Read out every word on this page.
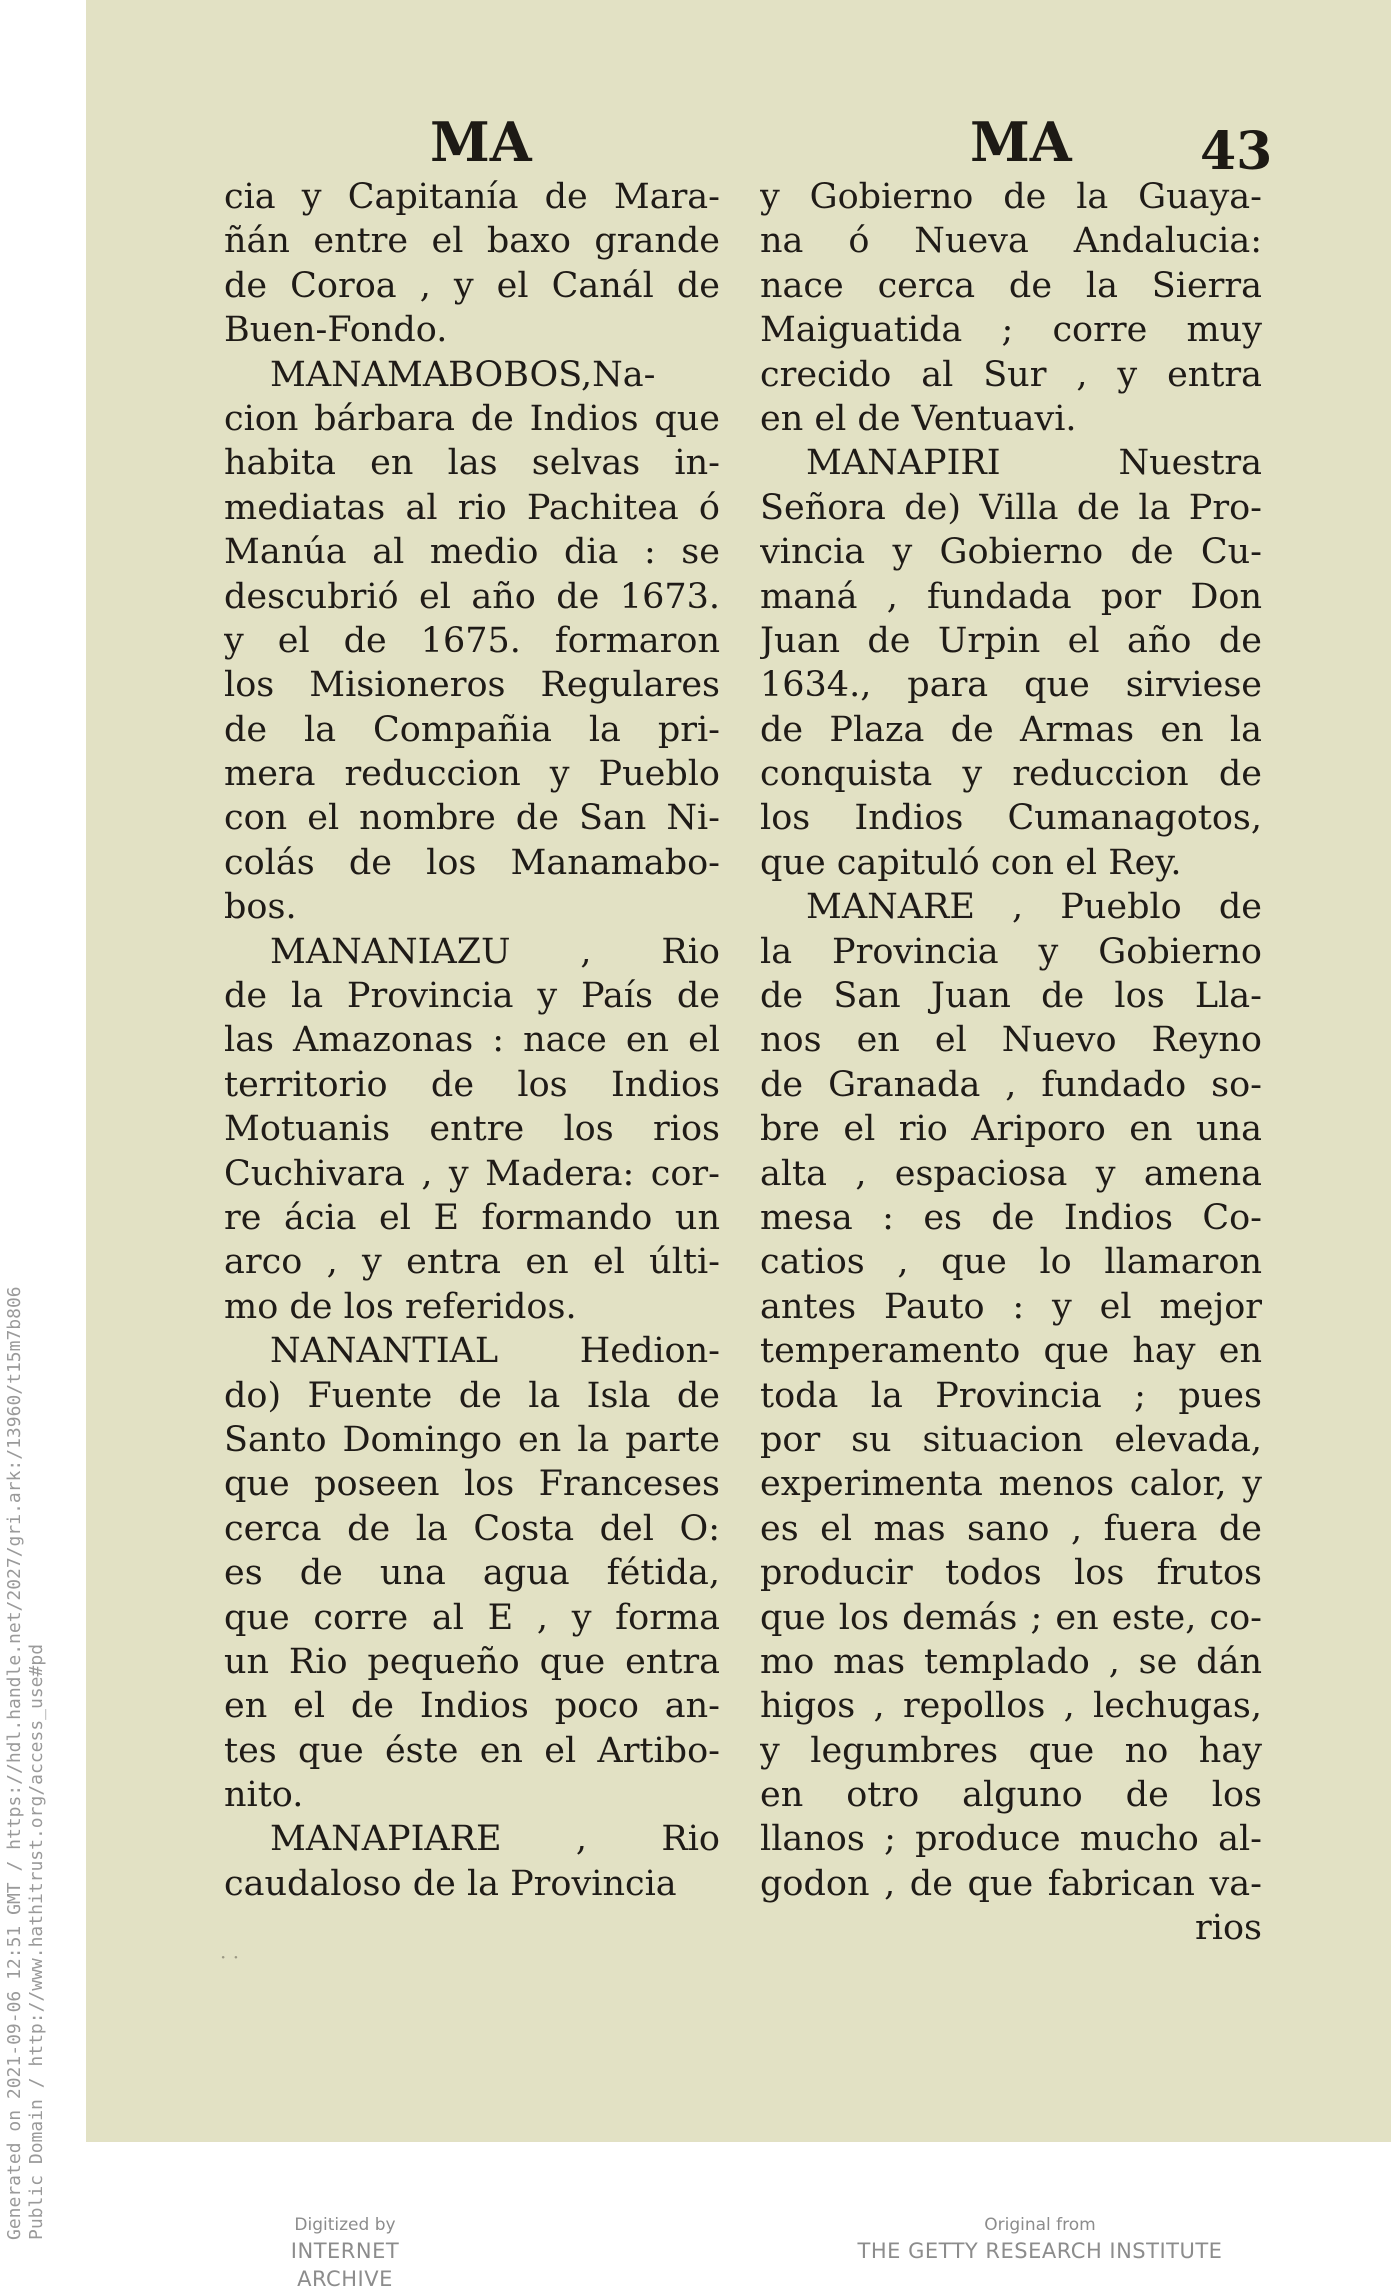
Generated on 2021-09-06 12:51 GMT / https://hdl.handle.net/2027/gri.ark:/13960/t15m7b806 Public Domain / http://www.hathitrust.org/access_use#pd
MA	MA 43
cia y Capitanía de Mara-
ñán entre el baxo grande
de Coroa , y el Canál de
Buen-Fondo.
MANAMABOBOS,Na-
cion bárbara de Indios que
habita en las selvas in-
mediatas al rio Pachitea ó
Manúa al medio dia : se
descubrió el año de 1673.
y el de 1675. formaron
los Misioneros Regulares
de la Compañia la pri-
mera reduccion y Pueblo
con el nombre de San Ni-
colás de los Manamabo-
bos.
MANANIAZU , Rio
de la Provincia y País de
las Amazonas : nace en el
territorio de los Indios
Motuanis entre los rios
Cuchivara , y Madera: cor-
re ácia el E formando un
arco , y entra en el últi-
mo de los referidos.
NANANTIAL Hedion-
do) Fuente de la Isla de
Santo Domingo en la parte
que poseen los Franceses
cerca de la Costa del O:
es de una agua fétida,
que corre al E , y forma
un Rio pequeño que entra
en el de Indios poco an-
tes que éste en el Artibo-
nito.
MANAPIARE , Rio
caudaloso de la Provincia
y Gobierno de la Guaya-
na ó Nueva Andalucia:
nace cerca de la Sierra
Maiguatida ; corre muy
crecido al Sur , y entra
en el de Ventuavi.
MANAPIRI Nuestra
Señora de) Villa de la Pro-
vincia y Gobierno de Cu-
maná , fundada por Don
Juan de Urpin el año de
1634., para que sirviese
de Plaza de Armas en la
conquista y reduccion de
los Indios Cumanagotos,
que capituló con el Rey.
MANARE , Pueblo de
la Provincia y Gobierno
de San Juan de los Lla-
nos en el Nuevo Reyno
de Granada , fundado so-
bre el rio Ariporo en una
alta , espaciosa y amena
mesa : es de Indios Co-
catios , que lo llamaron
antes Pauto : y el mejor
temperamento que hay en
toda la Provincia ; pues
por su situacion elevada,
experimenta menos calor, y
es el mas sano , fuera de
producir todos los frutos
que los demás ; en este, co-
mo mas templado , se dán
higos , repollos , lechugas,
y legumbres que no hay
en otro alguno de los
llanos ; produce mucho al-
godon , de que fabrican va-
rios
· ·
Digitized by
INTERNET ARCHIVE
Original from
THE GETTY RESEARCH INSTITUTE
